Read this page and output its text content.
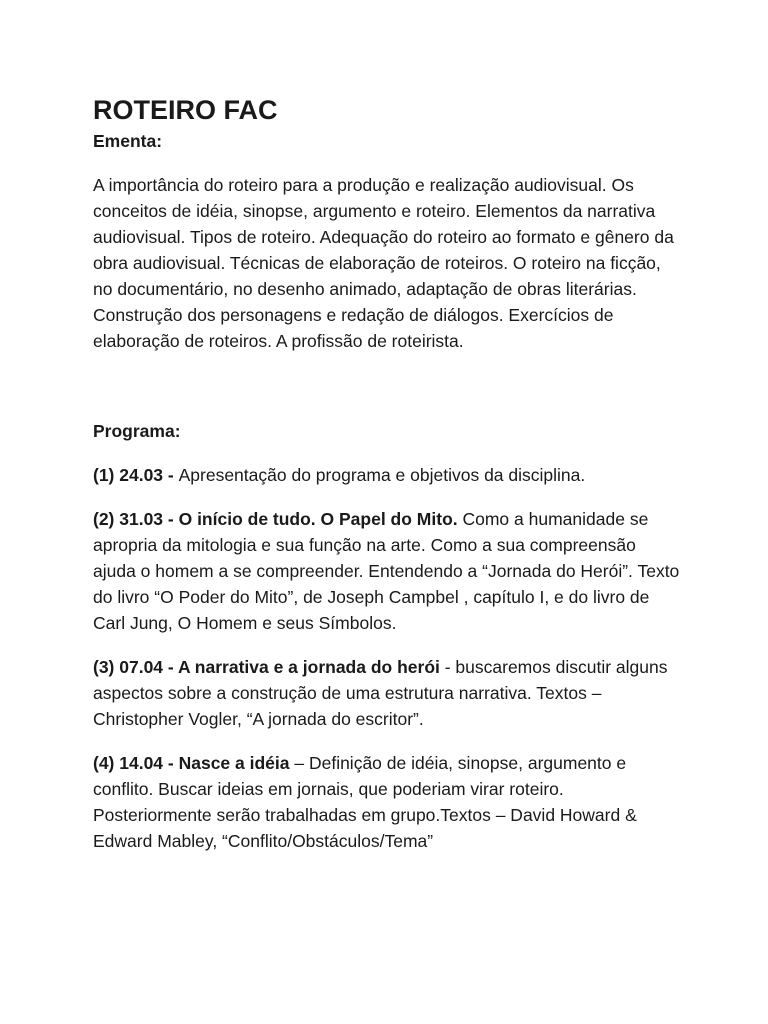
ROTEIRO FAC

Ementa:

A importância do roteiro para a produção e realização audiovisual. Os conceitos de idéia, sinopse, argumento e roteiro. Elementos da narrativa audiovisual. Tipos de roteiro. Adequação do roteiro ao formato e gênero da obra audiovisual. Técnicas de elaboração de roteiros. O roteiro na ficção, no documentário, no desenho animado, adaptação de obras literárias. Construção dos personagens e redação de diálogos. Exercícios de elaboração de roteiros. A profissão de roteirista.

Programa:

(1) 24.03 - Apresentação do programa e objetivos da disciplina.

(2) 31.03 - O início de tudo. O Papel do Mito. Como a humanidade se apropria da mitologia e sua função na arte. Como a sua compreensão ajuda o homem a se compreender. Entendendo a “Jornada do Herói”. Texto do livro “O Poder do Mito”, de Joseph Campbel , capítulo I, e do livro de Carl Jung, O Homem e seus Símbolos.

(3) 07.04 - A narrativa e a jornada do herói - buscaremos discutir alguns aspectos sobre a construção de uma estrutura narrativa. Textos – Christopher Vogler, “A jornada do escritor”.

(4) 14.04 - Nasce a idéia – Definição de idéia, sinopse, argumento e conflito. Buscar ideias em jornais, que poderiam virar roteiro. Posteriormente serão trabalhadas em grupo.Textos – David Howard & Edward Mabley, “Conflito/Obstáculos/Tema”
